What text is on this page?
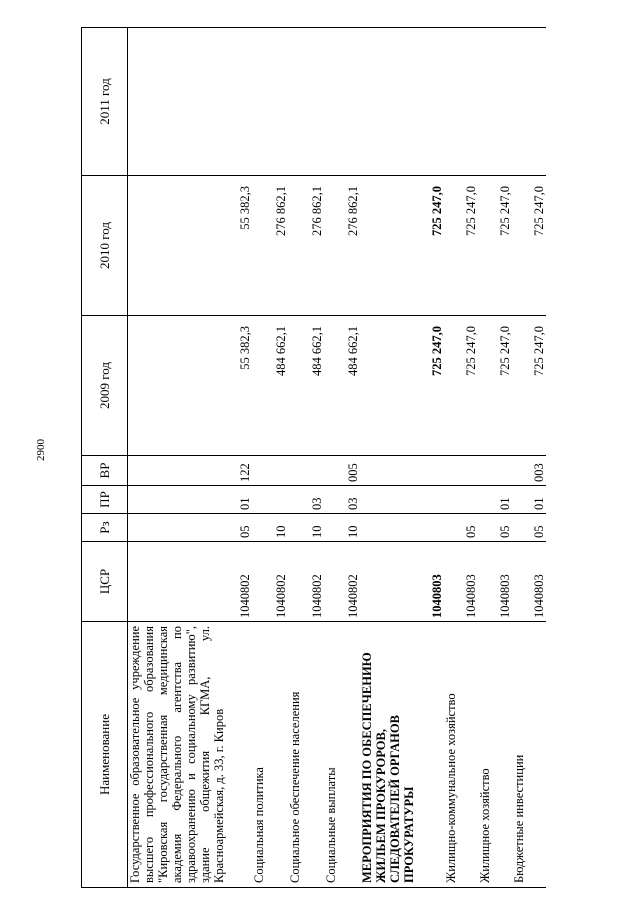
2900
Наименование	ЦСР	Рз	ПР	ВР	2009 год	2010 год	2011 год
Государственное образовательное учреждение высшего профессионального образования "Кировская государственная медицинская академия Федерального агентства по здравоохранению и социальному развитию", здание общежития КГМА, ул. Красноармейская, д. 33, г. Киров	1040802	05	01	122	55 382,3	55 382,3	
Социальная политика	1040802	10			484 662,1	276 862,1	
Социальное обеспечение населения	1040802	10	03		484 662,1	276 862,1	
Социальные выплаты	1040802	10	03	005	484 662,1	276 862,1	
МЕРОПРИЯТИЯ ПО ОБЕСПЕЧЕНИЮ ЖИЛЬЕМ ПРОКУРОРОВ, СЛЕДОВАТЕЛЕЙ ОРГАНОВ ПРОКУРАТУРЫ	1040803				725 247,0	725 247,0	
Жилищно-коммунальное хозяйство	1040803	05			725 247,0	725 247,0	
Жилищное хозяйство	1040803	05	01		725 247,0	725 247,0	
Бюджетные инвестиции	1040803	05	01	003	725 247,0	725 247,0	
